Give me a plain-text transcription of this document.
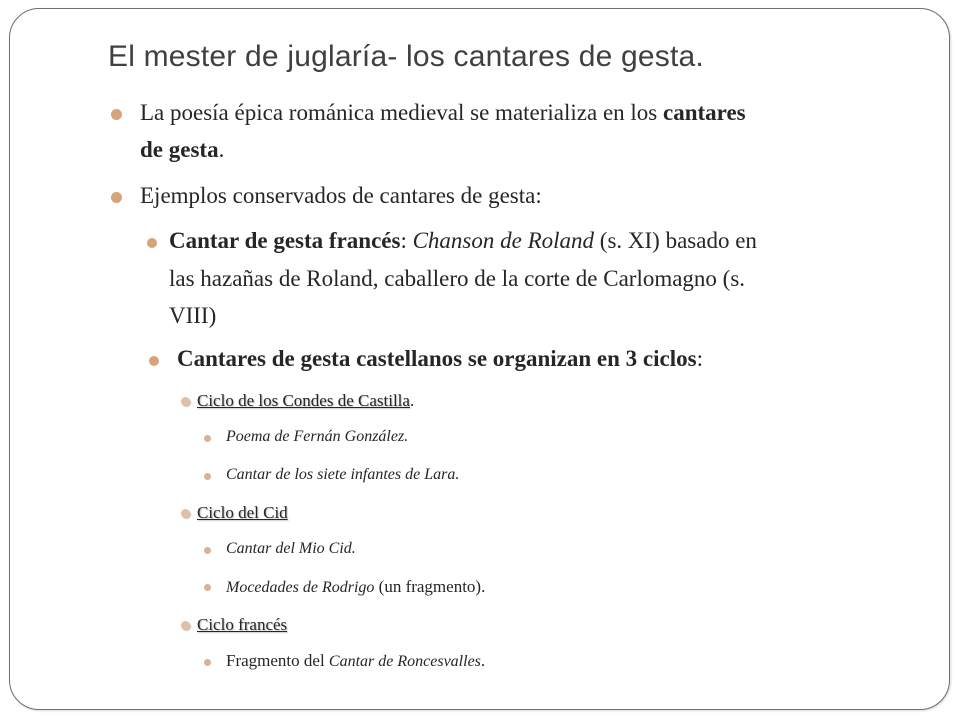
El mester de juglaría- los cantares de gesta.
La poesía épica románica medieval se materializa en los cantares
de gesta.
Ejemplos conservados de cantares de gesta:
Cantar de gesta francés: Chanson de Roland (s. XI) basado en
las hazañas de Roland, caballero de la corte de Carlomagno (s.
VIII)
Cantares de gesta castellanos se organizan en 3 ciclos:
Ciclo de los Condes de Castilla.
Poema de Fernán González.
Cantar de los siete infantes de Lara.
Ciclo del Cid
Cantar del Mio Cid.
Mocedades de Rodrigo (un fragmento).
Ciclo francés
Fragmento del Cantar de Roncesvalles.
